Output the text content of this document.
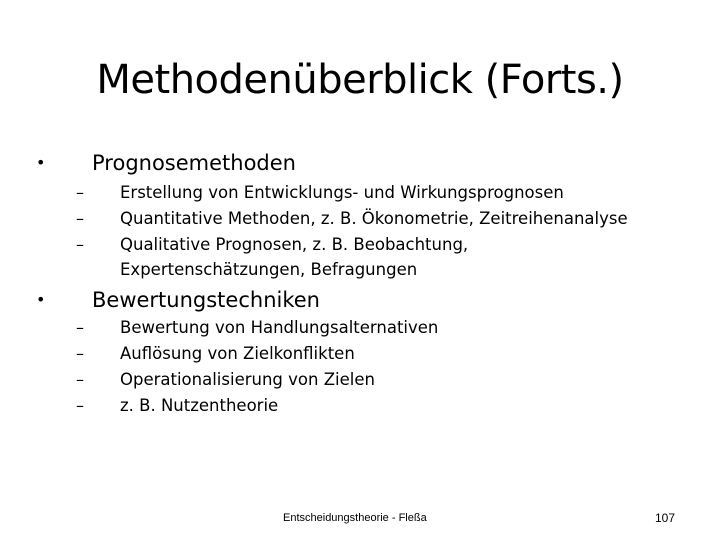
Methodenüberblick (Forts.)
• Prognosemethoden
– Erstellung von Entwicklungs- und Wirkungsprognosen
– Quantitative Methoden, z. B. Ökonometrie, Zeitreihenanalyse
– Qualitative Prognosen, z. B. Beobachtung,
Expertenschätzungen, Befragungen
• Bewertungstechniken
– Bewertung von Handlungsalternativen
– Auflösung von Zielkonflikten
– Operationalisierung von Zielen
– z. B. Nutzentheorie
Entscheidungstheorie - Fleßa	107
